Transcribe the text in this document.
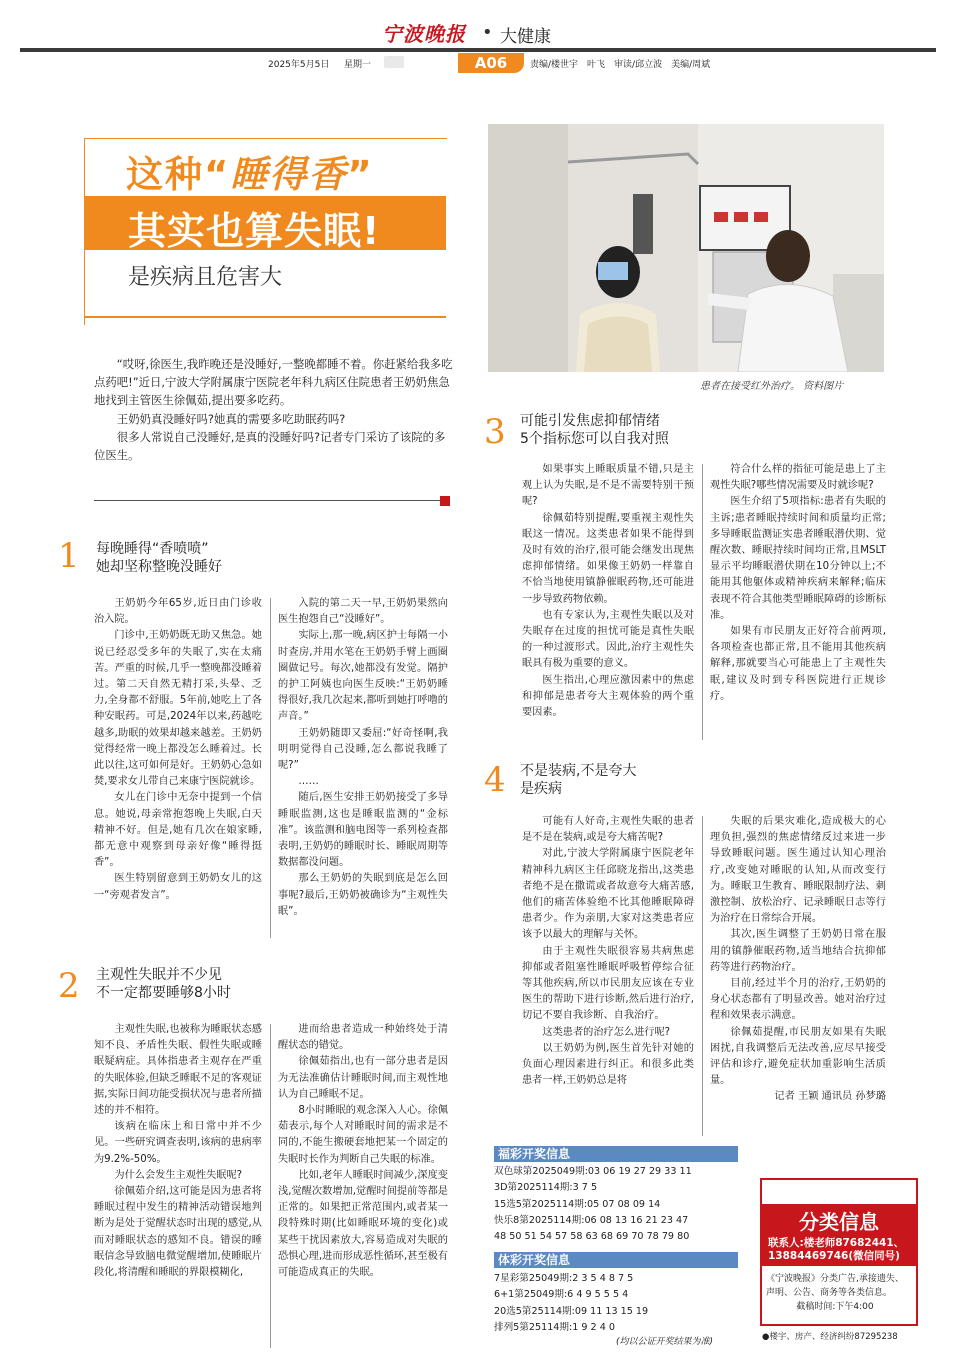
宁波晚报 • 大健康
2025年5月5日 星期一	A06	责编/楼世宇　叶飞　审读/邱立波　美编/周斌
这种“睡得香”
其实也算失眠!
是疾病且危害大
患者在接受红外治疗。 资料图片

“哎呀,徐医生,我昨晚还是没睡好,一整晚都睡不着。你赶紧给我多吃点药吧!”近日,宁波大学附属康宁医院老年科九病区住院患者王奶奶焦急地找到主管医生徐佩茹,提出要多吃药。

王奶奶真没睡好吗?她真的需要多吃助眠药吗?

很多人常说自己没睡好,是真的没睡好吗?记者专门采访了该院的多位医生。

1 每晚睡得“香喷喷”
她却坚称整晚没睡好

王奶奶今年65岁,近日由门诊收治入院。

门诊中,王奶奶既无助又焦急。她说已经忍受多年的失眠了,实在太痛苦。严重的时候,几乎一整晚都没睡着过。第二天自然无精打采,头晕、乏力,全身都不舒服。5年前,她吃上了各种安眠药。可是,2024年以来,药越吃越多,助眠的效果却越来越差。王奶奶觉得经常一晚上都没怎么睡着过。长此以往,这可如何是好。王奶奶心急如焚,要求女儿带自己来康宁医院就诊。

女儿在门诊中无奈中提到一个信息。她说,母亲常抱怨晚上失眠,白天精神不好。但是,她有几次在娘家睡,都无意中观察到母亲好像“睡得挺香”。

医生特别留意到王奶奶女儿的这一“旁观者发言”。

入院的第二天一早,王奶奶果然向医生抱怨自己“没睡好”。

实际上,那一晚,病区护士每隔一小时查房,并用水笔在王奶奶手臂上画圈圈做记号。每次,她都没有发觉。隔护的护工阿姨也向医生反映:“王奶奶睡得很好,我几次起来,都听到她打呼噜的声音。”

王奶奶随即又委屈:“好奇怪啊,我明明觉得自己没睡,怎么都说我睡了呢?”

……

随后,医生安排王奶奶接受了多导睡眠监测,这也是睡眠监测的“金标准”。该监测和脑电图等一系列检查都表明,王奶奶的睡眠时长、睡眠周期等数据都没问题。

那么王奶奶的失眠到底是怎么回事呢?最后,王奶奶被确诊为“主观性失眠”。

2 主观性失眠并不少见
不一定都要睡够8小时

主观性失眠,也被称为睡眠状态感知不良、矛盾性失眠、假性失眠或睡眠疑病症。具体指患者主观存在严重的失眠体验,但缺乏睡眠不足的客观证据,实际日间功能受损状况与患者所描述的并不相符。

该病在临床上和日常中并不少见。一些研究调查表明,该病的患病率为9.2%-50%。

为什么会发生主观性失眠呢?

徐佩茹介绍,这可能是因为患者将睡眠过程中发生的精神活动错误地判断为是处于觉醒状态时出现的感觉,从而对睡眠状态的感知不良。错误的睡眠信念导致脑电微觉醒增加,使睡眠片段化,将清醒和睡眠的界限模糊化,

进而给患者造成一种始终处于清醒状态的错觉。

徐佩茹指出,也有一部分患者是因为无法准确估计睡眠时间,而主观性地认为自己睡眠不足。

8小时睡眠的观念深入人心。徐佩茹表示,每个人对睡眠时间的需求是不同的,不能生搬硬套地把某一个固定的失眠时长作为判断自己失眠的标准。

比如,老年人睡眠时间减少,深度变浅,觉醒次数增加,觉醒时间提前等都是正常的。如果把正常范围内,或者某一段特殊时期(比如睡眠环境的变化)或某些干扰因素放大,容易造成对失眠的恐惧心理,进而形成恶性循环,甚至极有可能造成真正的失眠。

3 可能引发焦虑抑郁情绪
5个指标您可以自我对照

如果事实上睡眠质量不错,只是主观上认为失眠,是不是不需要特别干预呢?

徐佩茹特别提醒,要重视主观性失眠这一情况。这类患者如果不能得到及时有效的治疗,很可能会继发出现焦虑抑郁情绪。如果像王奶奶一样靠自不恰当地使用镇静催眠药物,还可能进一步导致药物依赖。

也有专家认为,主观性失眠以及对失眠存在过度的担忧可能是真性失眠的一种过渡形式。因此,治疗主观性失眠具有极为重要的意义。

医生指出,心理应激因素中的焦虑和抑郁是患者夸大主观体验的两个重要因素。

符合什么样的指征可能是患上了主观性失眠?哪些情况需要及时就诊呢?

医生介绍了5项指标:患者有失眠的主诉;患者睡眠持续时间和质量均正常;多导睡眠监测证实患者睡眠潜伏期、觉醒次数、睡眠持续时间均正常,且MSLT显示平均睡眠潜伏期在10分钟以上;不能用其他躯体或精神疾病来解释;临床表现不符合其他类型睡眠障碍的诊断标准。

如果有市民朋友正好符合前两项,各项检查也都正常,且不能用其他疾病解释,那就要当心可能患上了主观性失眠,建议及时到专科医院进行正规诊疗。

4 不是装病,不是夸大
是疾病

可能有人好奇,主观性失眠的患者是不是在装病,或是夸大痛苦呢?

对此,宁波大学附属康宁医院老年精神科九病区主任邱晓龙指出,这类患者绝不是在撒谎或者故意夸大痛苦感,他们的痛苦体验绝不比其他睡眠障碍患者少。作为亲朋,大家对这类患者应该予以最大的理解与关怀。

由于主观性失眠很容易共病焦虑抑郁或者阻塞性睡眠呼吸暂停综合征等其他疾病,所以市民朋友应该在专业医生的帮助下进行诊断,然后进行治疗,切记不要自我诊断、自我治疗。

这类患者的治疗怎么进行呢?

以王奶奶为例,医生首先针对她的负面心理因素进行纠正。和很多此类患者一样,王奶奶总是将

失眠的后果灾难化,造成极大的心理负担,强烈的焦虑情绪反过来进一步导致睡眠问题。医生通过认知心理治疗,改变她对睡眠的认知,从而改变行为。睡眠卫生教育、睡眠限制疗法、刺激控制、放松治疗、记录睡眠日志等行为治疗在日常综合开展。

其次,医生调整了王奶奶日常在服用的镇静催眠药物,适当地结合抗抑郁药等进行药物治疗。

目前,经过半个月的治疗,王奶奶的身心状态都有了明显改善。她对治疗过程和效果表示满意。

徐佩茹提醒,市民朋友如果有失眠困扰,自我调整后无法改善,应尽早接受评估和诊疗,避免症状加重影响生活质量。

记者 王颖 通讯员 孙梦璐

福彩开奖信息
双色球第2025049期:03 06 19 27 29 33 11
3D第2025114期:3 7 5
15选5第2025114期:05 07 08 09 14
快乐8第2025114期:06 08 13 16 21 23 47
48 50 51 54 57 58 63 68 69 70 78 79 80
体彩开奖信息
7星彩第25049期:2 3 5 4 8 7 5
6+1第25049期:6 4 9 5 5 5 4
20选5第25114期:09 11 13 15 19
排列5第25114期:1 9 2 4 0
(均以公证开奖结果为准)
分类信息
联系人:楼老师87682441、
13884469746(微信同号)
《宁波晚报》分类广告,承接遗失、
声明、公告、商务等各类信息。
截稿时间:下午4:00
●楼宇、房产、经济纠纷87295238
